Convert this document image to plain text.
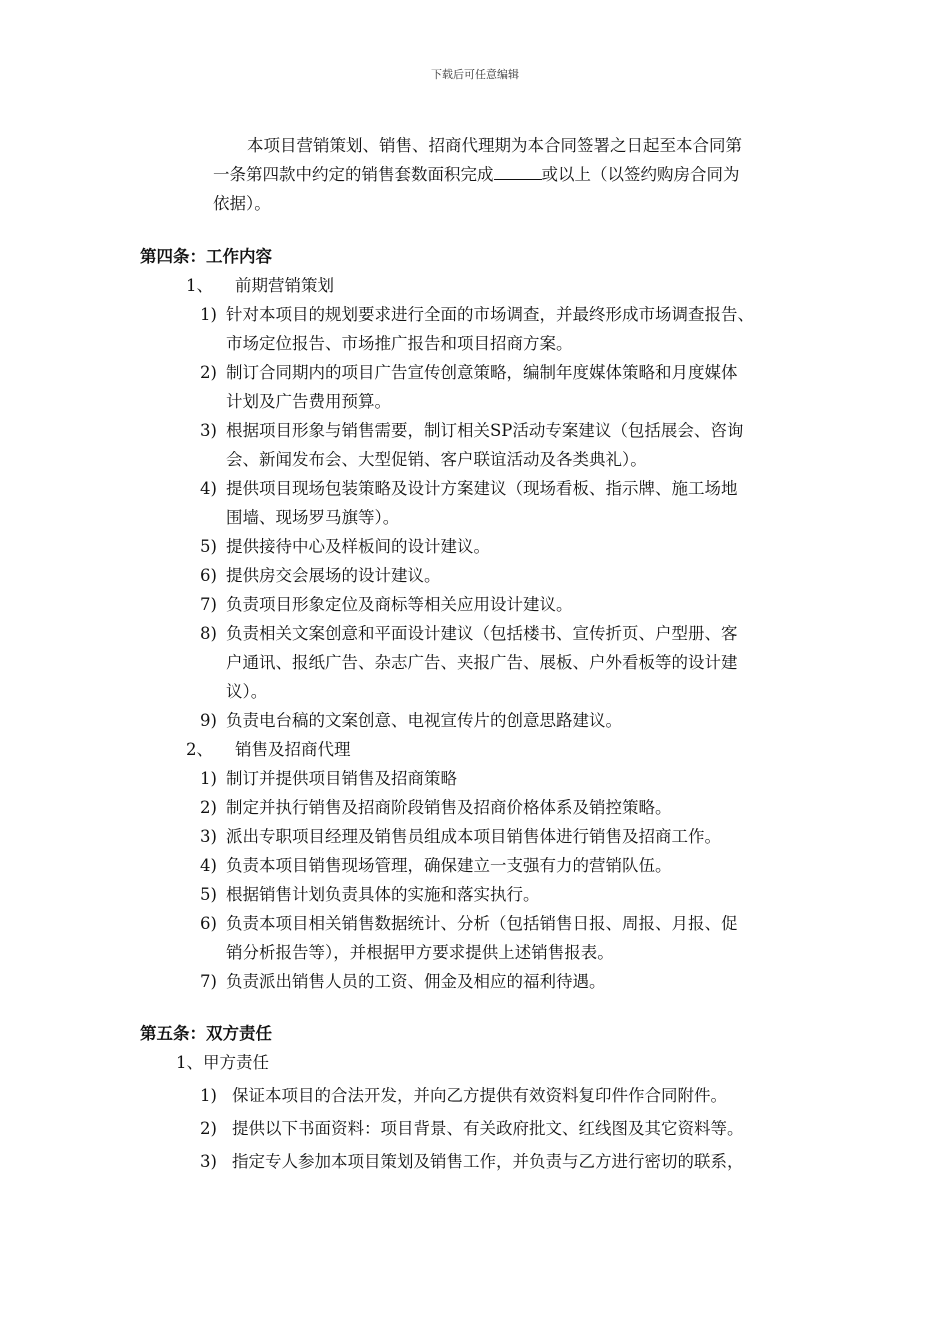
下载后可任意编辑
本项目营销策划、销售、招商代理期为本合同签署之日起至本合同第
一条第四款中约定的销售套数面积完成	或以上（以签约购房合同为
依据）。
第四条：工作内容
1、 前期营销策划
1) 针对本项目的规划要求进行全面的市场调查，并最终形成市场调查报告、
市场定位报告、市场推广报告和项目招商方案。
2) 制订合同期内的项目广告宣传创意策略，编制年度媒体策略和月度媒体
计划及广告费用预算。
3) 根据项目形象与销售需要，制订相关SP活动专案建议（包括展会、咨询
会、新闻发布会、大型促销、客户联谊活动及各类典礼）。
4) 提供项目现场包装策略及设计方案建议（现场看板、指示牌、施工场地
围墙、现场罗马旗等）。
5) 提供接待中心及样板间的设计建议。
6) 提供房交会展场的设计建议。
7) 负责项目形象定位及商标等相关应用设计建议。
8) 负责相关文案创意和平面设计建议（包括楼书、宣传折页、户型册、客
户通讯、报纸广告、杂志广告、夹报广告、展板、户外看板等的设计建
议）。
9) 负责电台稿的文案创意、电视宣传片的创意思路建议。
2、 销售及招商代理
1) 制订并提供项目销售及招商策略
2) 制定并执行销售及招商阶段销售及招商价格体系及销控策略。
3) 派出专职项目经理及销售员组成本项目销售体进行销售及招商工作。
4) 负责本项目销售现场管理，确保建立一支强有力的营销队伍。
5) 根据销售计划负责具体的实施和落实执行。
6) 负责本项目相关销售数据统计、分析（包括销售日报、周报、月报、促
销分析报告等），并根据甲方要求提供上述销售报表。
7) 负责派出销售人员的工资、佣金及相应的福利待遇。
第五条：双方责任
1、甲方责任
1) 保证本项目的合法开发，并向乙方提供有效资料复印件作合同附件。
2) 提供以下书面资料：项目背景、有关政府批文、红线图及其它资料等。
3) 指定专人参加本项目策划及销售工作，并负责与乙方进行密切的联系，
